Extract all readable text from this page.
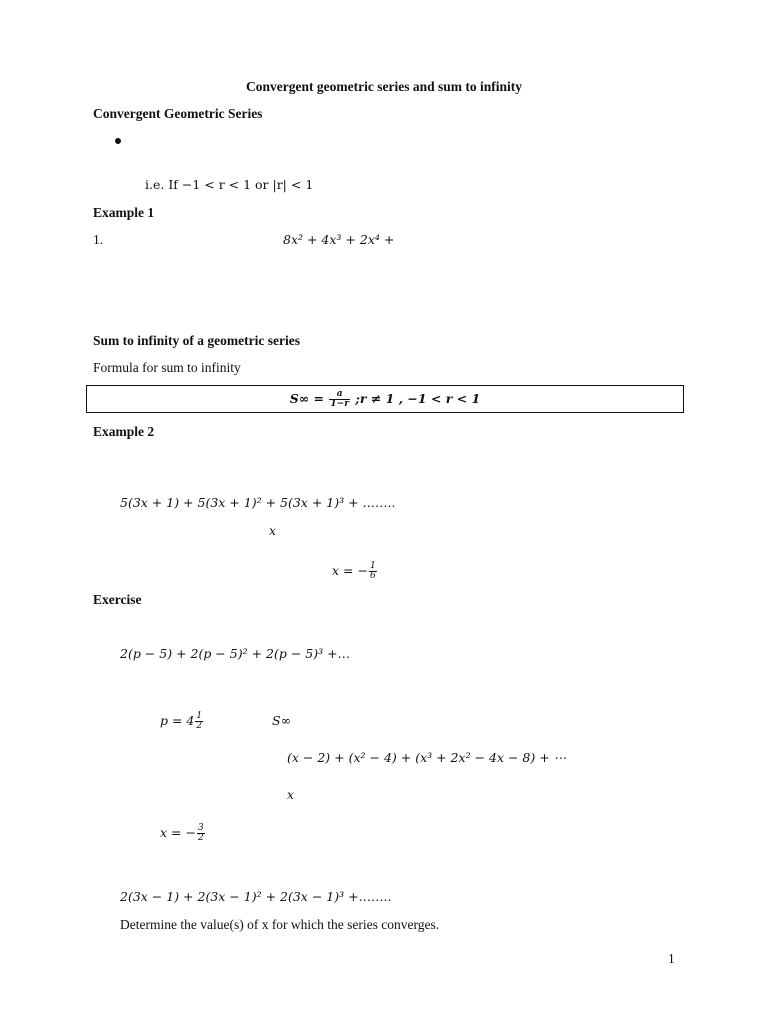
Convergent geometric series and sum to infinity
Convergent Geometric Series
i.e. If −1 < r < 1 or |r| < 1
Example 1
1.	8x² + 4x³ + 2x⁴ +
Sum to infinity of a geometric series
Formula for sum to infinity
$S\infty = \frac{a}{1-r}$ ;r ≠ 1 , −1 < r < 1
Example 2
5(3x + 1) + 5(3x + 1)² + 5(3x + 1)³ + ……..
x
x = − $\frac{1}{6}$
Exercise
2(p − 5) + 2(p − 5)² + 2(p − 5)³ +…
$p = 4 \frac{1}{2}$	S∞
(x − 2) + (x² − 4) + (x³ + 2x² − 4x − 8) + ⋯
x
x = − $\frac{3}{2}$
2(3x − 1) + 2(3x − 1)² + 2(3x − 1)³ +……..
Determine the value(s) of x for which the series converges.
1
